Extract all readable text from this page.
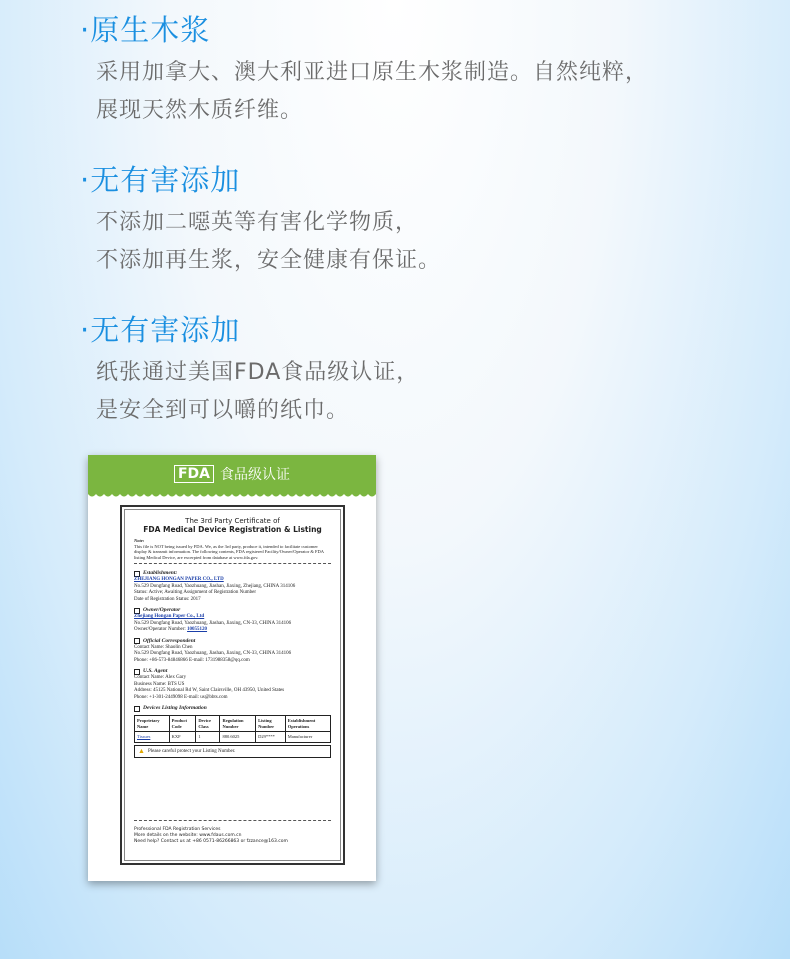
·原生木浆
采用加拿大、澳大利亚进口原生木浆制造。自然纯粹，
展现天然木质纤维。
·无有害添加
不添加二噁英等有害化学物质，
不添加再生浆，安全健康有保证。
·无有害添加
纸张通过美国FDA食品级认证，
是安全到可以嚼的纸巾。
FDA 食品级认证
The 3rd Party Certificate of
FDA Medical Device Registration & Listing
Note:
This file is NOT being issued by FDA. We, as the 3rd party, produce it, intended to facilitate customer display & transmit information. The following contents, FDA registered Facility/Owner/Operator & FDA listing Medical Device, are excerpted from database at www.fda.gov.
Establishment:
ZHEJIANG HONGAN PAPER CO., LTD
No.529 Dongfang Road, Yaozhuang, Jiashan, Jiaxing, Zhejiang, CHINA 314106
Status: Active; Awaiting Assignment of Registration Number
Date of Registration Status: 2017
Owner/Operator
Zhejiang Hongan Paper Co., Ltd
No.529 Dongfang Road, Yaozhuang, Jiashan, Jiaxing, CN-33, CHINA 314106
Owner/Operator Number: 10055120
Official Correspondent
Contact Name: Shaolin Chen
No.529 Dongfang Road, Yaozhuang, Jiashan, Jiaxing, CN-33, CHINA 314106
Phone: +86-573-84846866 E-mail: 1731988358@qq.com
U.S. Agent
Contact Name: Alex Gary
Business Name: BTS US
Address: 45125 National Rd W, Saint Clairsville, OH 43950, United States
Phone: +1-301-2449098 E-mail: us@bbts.com
Devices Listing Information
Proprietary Name	Product Code	Device Class	Regulation Number	Listing Number	Establishment Operations
Tissues	KXF	1	880.6025	D29****	Manufacturer
▲ Please careful protect your Listing Number.
Professional FDA Registration Services
More details on the website: www.fdaus.com.cn
Need help? Contact us at +86 0571-86266863 or fzzance@163.com
